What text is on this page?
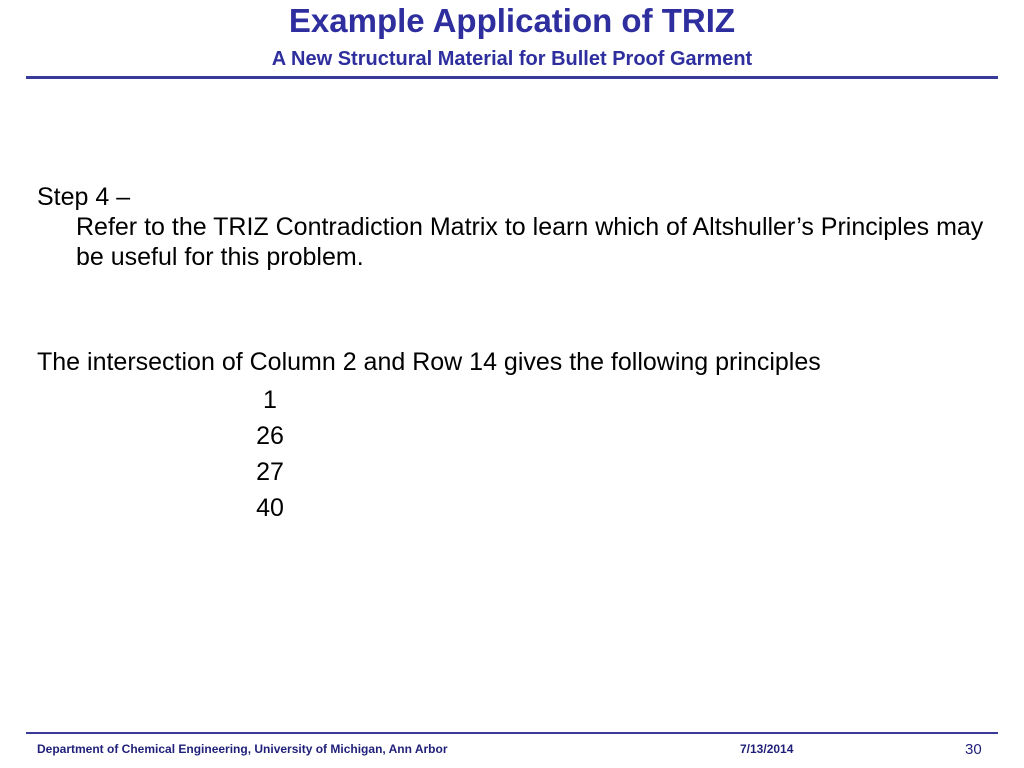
Example Application of TRIZ
A New Structural Material for Bullet Proof Garment
Step 4 –
Refer to the TRIZ Contradiction Matrix to learn which of Altshuller’s Principles may be useful for this problem.
The intersection of Column 2 and Row 14 gives the following principles
1
26
27
40
Department of Chemical Engineering, University of Michigan, Ann Arbor	7/13/2014	30
